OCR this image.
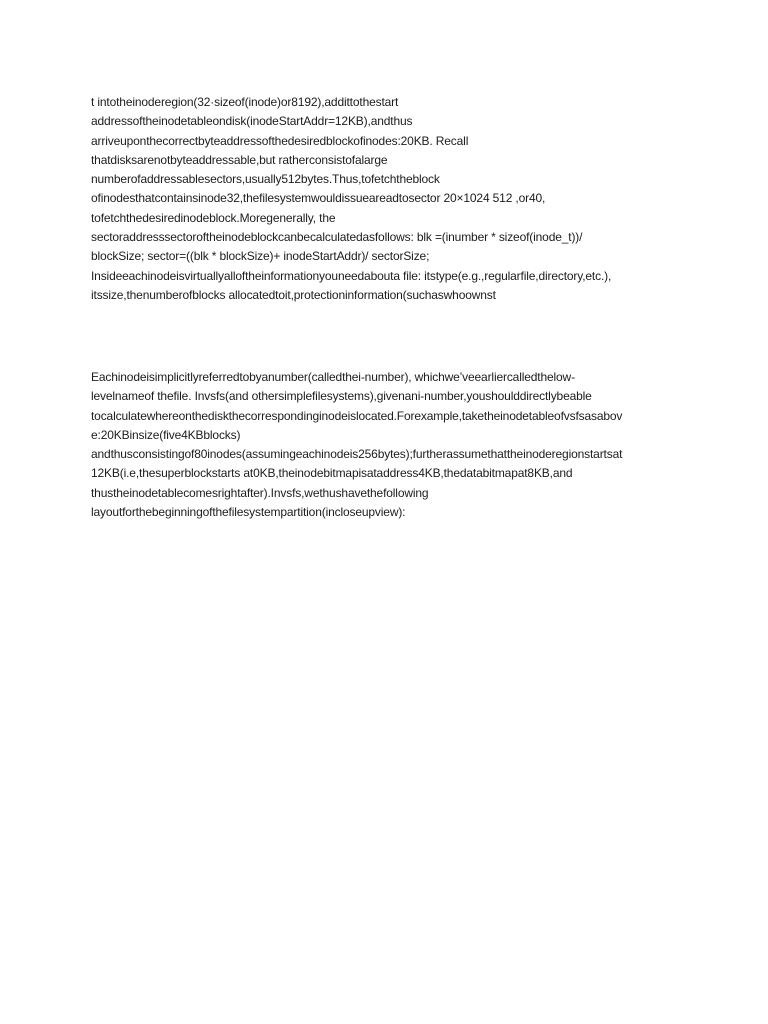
t intotheinoderegion(32·sizeof(inode)or8192),addittothestart
addressoftheinodetableondisk(inodeStartAddr=12KB),andthus
arriveuponthecorrectbyteaddressofthedesiredblockofinodes:20KB. Recall
thatdisksarenotbyteaddressable,but ratherconsistofalarge
numberofaddressablesectors,usually512bytes.Thus,tofetchtheblock
ofinodesthatcontainsinode32,thefilesystemwouldissueareadtosector 20×1024 512 ,or40,
tofetchthedesiredinodeblock.Moregenerally, the
sectoraddresssectoroftheinodeblockcanbecalculatedasfollows: blk =(inumber * sizeof(inode_t))/
blockSize; sector=((blk * blockSize)+ inodeStartAddr)/ sectorSize;
Insideeachinodeisvirtuallyalloftheinformationyouneedabouta file: itstype(e.g.,regularfile,directory,etc.),
itssize,thenumberofblocks allocatedtoit,protectioninformation(suchaswhoownst
Eachinodeisimplicitlyreferredtobyanumber(calledthei-number), whichwe’veearliercalledthelow-
levelnameof thefile. Invsfs(and othersimplefilesystems),givenani-number,youshoulddirectlybeable
tocalculatewhereonthediskthecorrespondinginodeislocated.Forexample,taketheinodetableofvsfsasabov
e:20KBinsize(five4KBblocks)
andthusconsistingof80inodes(assumingeachinodeis256bytes);furtherassumethattheinoderegionstartsat
12KB(i.e,thesuperblockstarts at0KB,theinodebitmapisataddress4KB,thedatabitmapat8KB,and
thustheinodetablecomesrightafter).Invsfs,wethushavethefollowing
layoutforthebeginningofthefilesystempartition(incloseupview):
